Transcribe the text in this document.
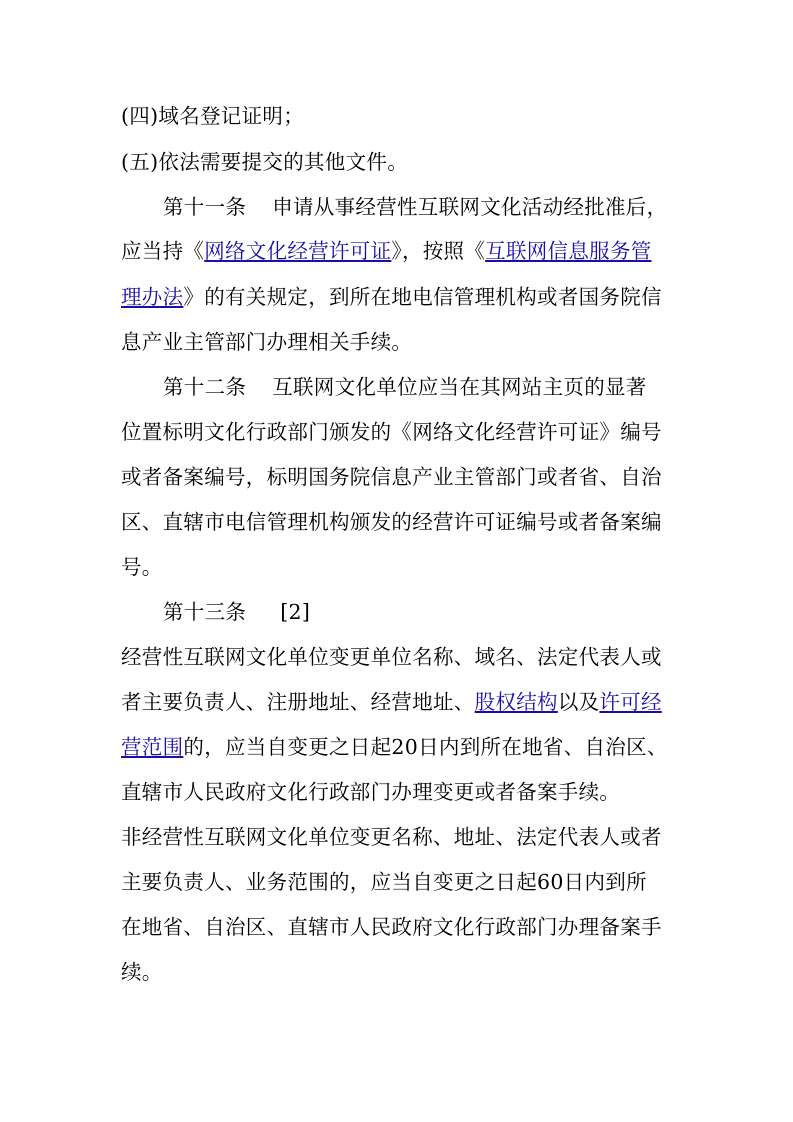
(四)域名登记证明；
(五)依法需要提交的其他文件。
第十一条 申请从事经营性互联网文化活动经批准后，
应当持《网络文化经营许可证》，按照《互联网信息服务管
理办法》的有关规定，到所在地电信管理机构或者国务院信
息产业主管部门办理相关手续。
第十二条 互联网文化单位应当在其网站主页的显著
位置标明文化行政部门颁发的《网络文化经营许可证》编号
或者备案编号，标明国务院信息产业主管部门或者省、自治
区、直辖市电信管理机构颁发的经营许可证编号或者备案编
号。
第十三条 [2]
经营性互联网文化单位变更单位名称、域名、法定代表人或
者主要负责人、注册地址、经营地址、股权结构以及许可经
营范围的，应当自变更之日起20日内到所在地省、自治区、
直辖市人民政府文化行政部门办理变更或者备案手续。
非经营性互联网文化单位变更名称、地址、法定代表人或者
主要负责人、业务范围的，应当自变更之日起60日内到所
在地省、自治区、直辖市人民政府文化行政部门办理备案手
续。
